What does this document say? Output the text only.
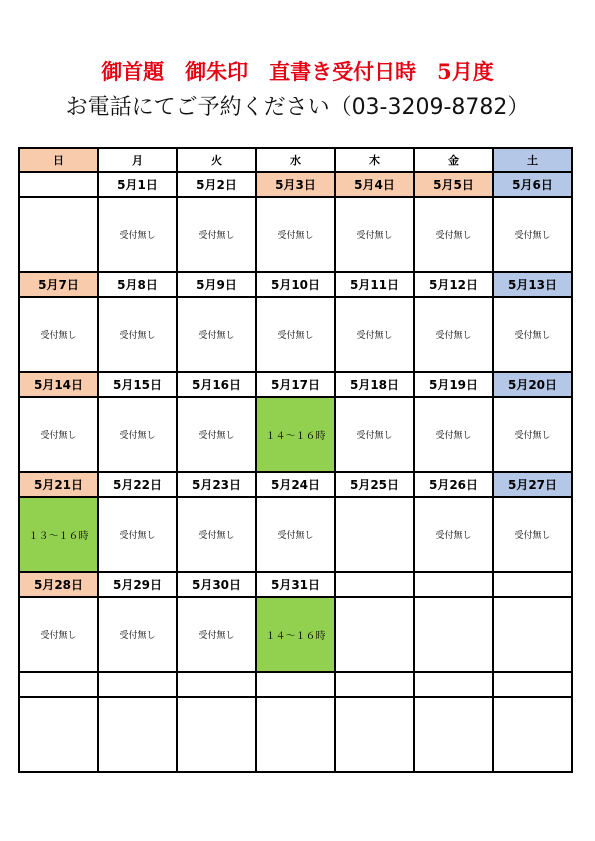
御首題　御朱印　直書き受付日時　5月度
お電話にてご予約ください（03-3209-8782）
日	月	火	水	木	金	土
	5月1日	5月2日	5月3日	5月4日	5月5日	5月6日
	受付無し	受付無し	受付無し	受付無し	受付無し	受付無し
5月7日	5月8日	5月9日	5月10日	5月11日	5月12日	5月13日
受付無し	受付無し	受付無し	受付無し	受付無し	受付無し	受付無し
5月14日	5月15日	5月16日	5月17日	5月18日	5月19日	5月20日
受付無し	受付無し	受付無し	１４～１６時	受付無し	受付無し	受付無し
5月21日	5月22日	5月23日	5月24日	5月25日	5月26日	5月27日
１３～１６時	受付無し	受付無し	受付無し		受付無し	受付無し
5月28日	5月29日	5月30日	5月31日			
受付無し	受付無し	受付無し	１４～１６時			
